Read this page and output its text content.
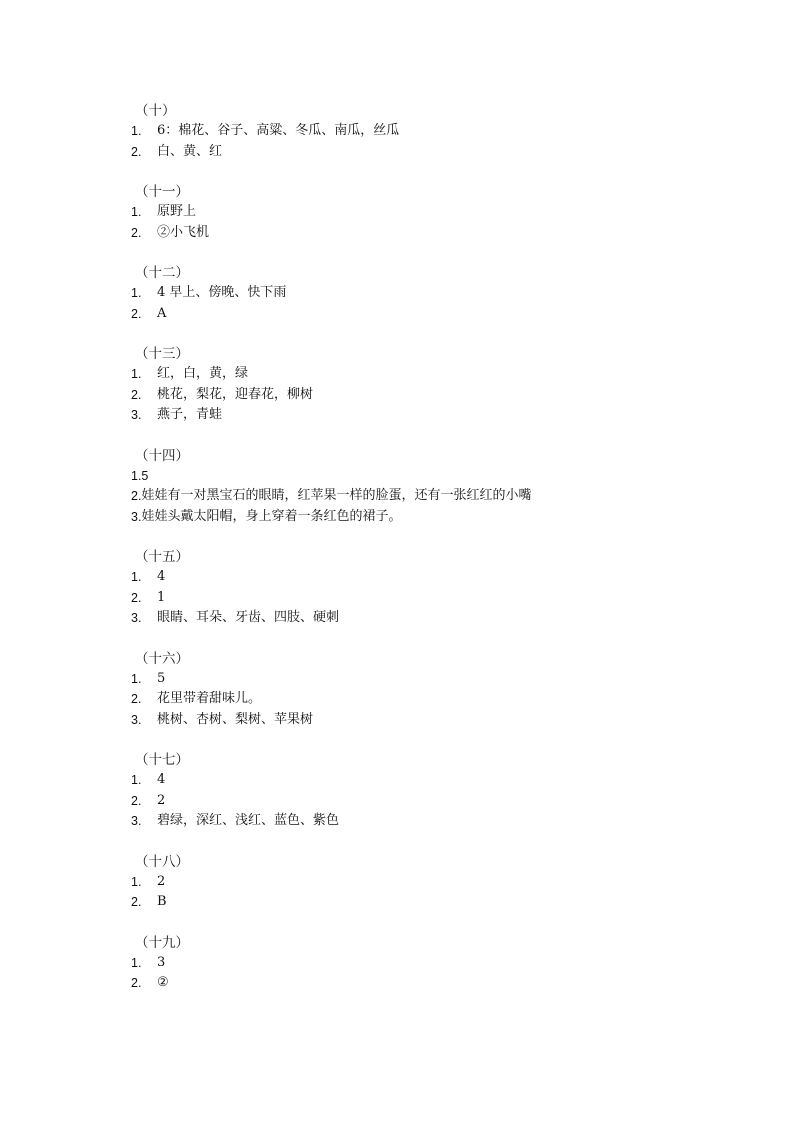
（十）
1.	6：棉花、谷子、高粱、冬瓜、南瓜，丝瓜
2.	白、黄、红
（十一）
1.	原野上
2.	②小飞机
（十二）
1.	4 早上、傍晚、快下雨
2.	A
（十三）
1.	红，白，黄，绿
2.	桃花，梨花，迎春花，柳树
3.	燕子，青蛙
（十四）
1.5
2. 娃娃有一对黑宝石的眼睛，红苹果一样的脸蛋，还有一张红红的小嘴
3. 娃娃头戴太阳帽，身上穿着一条红色的裙子。
（十五）
1.	4
2.	1
3.	眼睛、耳朵、牙齿、四肢、硬刺
（十六）
1.	5
2.	花里带着甜味儿。
3.	桃树、杏树、梨树、苹果树
（十七）
1.	4
2.	2
3.	碧绿，深红、浅红、蓝色、紫色
（十八）
1.	2
2.	B
（十九）
1.	3
2.	②
